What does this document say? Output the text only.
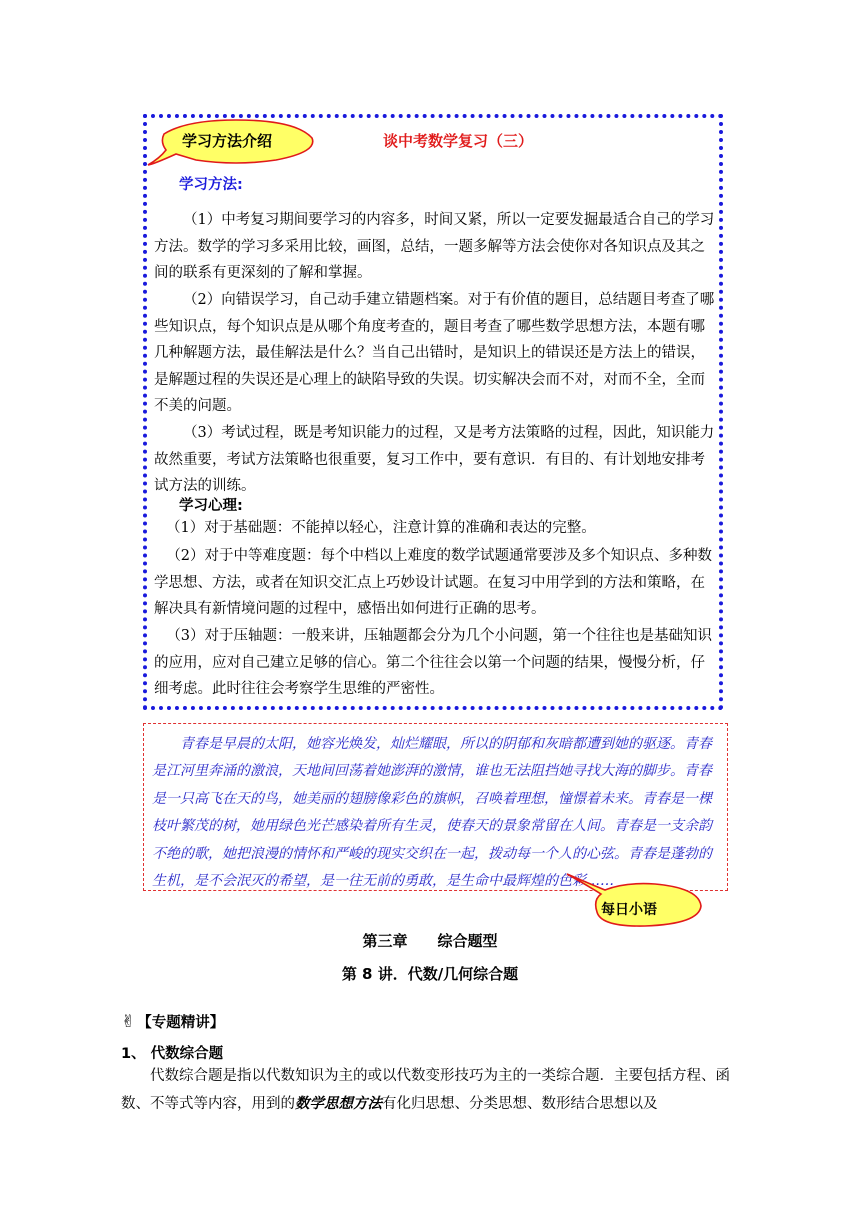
学习方法介绍	谈中考数学复习（三）
学习方法:

（1）中考复习期间要学习的内容多，时间又紧，所以一定要发掘最适合自己的学习方法。数学的学习多采用比较，画图，总结，一题多解等方法会使你对各知识点及其之间的联系有更深刻的了解和掌握。

（2）向错误学习，自己动手建立错题档案。对于有价值的题目，总结题目考查了哪些知识点，每个知识点是从哪个角度考查的，题目考查了哪些数学思想方法，本题有哪几种解题方法，最佳解法是什么？当自己出错时，是知识上的错误还是方法上的错误，是解题过程的失误还是心理上的缺陷导致的失误。切实解决会而不对，对而不全，全而不美的问题。

（3）考试过程，既是考知识能力的过程，又是考方法策略的过程，因此，知识能力故然重要，考试方法策略也很重要，复习工作中，要有意识．有目的、有计划地安排考试方法的训练。

学习心理:

（1）对于基础题：不能掉以轻心，注意计算的准确和表达的完整。

（2）对于中等难度题：每个中档以上难度的数学试题通常要涉及多个知识点、多种数学思想、方法，或者在知识交汇点上巧妙设计试题。在复习中用学到的方法和策略，在解决具有新情境问题的过程中，感悟出如何进行正确的思考。

（3）对于压轴题：一般来讲，压轴题都会分为几个小问题，第一个往往也是基础知识的应用，应对自己建立足够的信心。第二个往往会以第一个问题的结果，慢慢分析，仔细考虑。此时往往会考察学生思维的严密性。

青春是早晨的太阳，她容光焕发，灿烂耀眼，所以的阴郁和灰暗都遭到她的驱逐。青春是江河里奔涌的激浪，天地间回荡着她澎湃的激情，谁也无法阻挡她寻找大海的脚步。青春是一只高飞在天的鸟，她美丽的翅膀像彩色的旗帜，召唤着理想，憧憬着未来。青春是一棵枝叶繁茂的树，她用绿色光芒感染着所有生灵，使春天的景象常留在人间。青春是一支余韵不绝的歌，她把浪漫的情怀和严峻的现实交织在一起，拨动每一个人的心弦。青春是蓬勃的生机，是不会泯灭的希望，是一往无前的勇敢，是生命中最辉煌的色彩……

每日小语
第三章　　综合题型
第 8 讲．代数/几何综合题
✌ 【专题精讲】
1、 代数综合题

代数综合题是指以代数知识为主的或以代数变形技巧为主的一类综合题．主要包括方程、函数、不等式等内容，用到的数学思想方法有化归思想、分类思想、数形结合思想以及
